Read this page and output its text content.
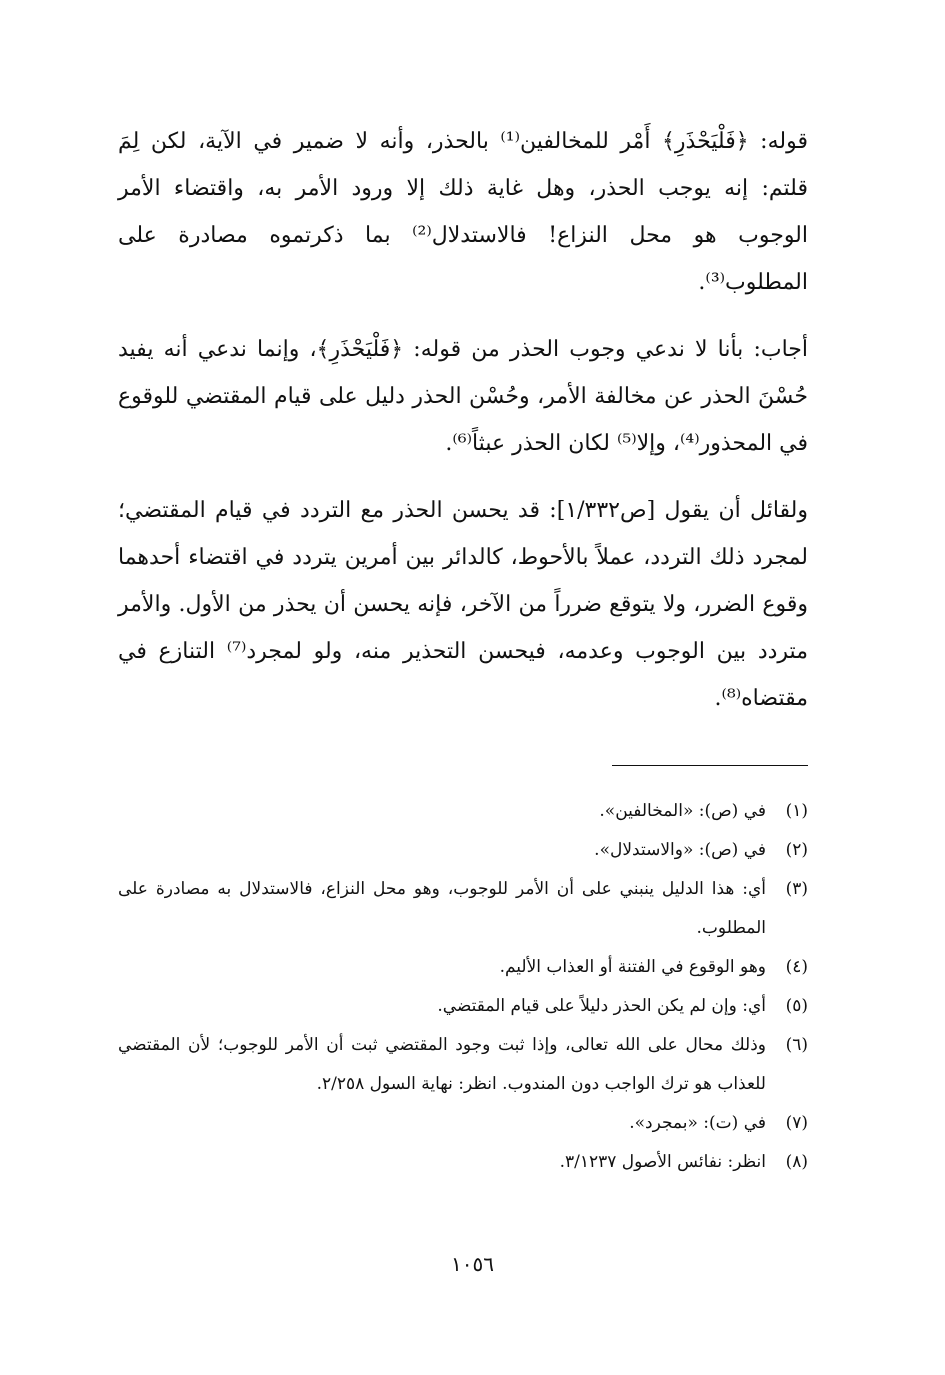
قوله: ﴿فَلْيَحْذَرِ﴾ أَمْر للمخالفين⁽¹⁾ بالحذر، وأنه لا ضمير في الآية، لكن لِمَ قلتم: إنه يوجب الحذر، وهل غاية ذلك إلا ورود الأمر به، واقتضاء الأمر الوجوب هو محل النزاع! فالاستدلال⁽²⁾ بما ذكرتموه مصادرة على المطلوب⁽³⁾.

أجاب: بأنا لا ندعي وجوب الحذر من قوله: ﴿فَلْيَحْذَرِ﴾، وإنما ندعي أنه يفيد حُسْنَ الحذر عن مخالفة الأمر، وحُسْن الحذر دليل على قيام المقتضي للوقوع في المحذور⁽⁴⁾، وإلا⁽⁵⁾ لكان الحذر عبثاً⁽⁶⁾.

ولقائل أن يقول [ص١/٣٣٢]: قد يحسن الحذر مع التردد في قيام المقتضي؛ لمجرد ذلك التردد، عملاً بالأحوط، كالدائر بين أمرين يتردد في اقتضاء أحدهما وقوع الضرر، ولا يتوقع ضرراً من الآخر، فإنه يحسن أن يحذر من الأول. والأمر متردد بين الوجوب وعدمه، فيحسن التحذير منه، ولو لمجرد⁽⁷⁾ التنازع في مقتضاه⁽⁸⁾.

(١)
في (ص): «المخالفين».
(٢)
في (ص): «والاستدلال».
(٣)
أي: هذا الدليل ينبني على أن الأمر للوجوب، وهو محل النزاع، فالاستدلال به مصادرة على المطلوب.
(٤)
وهو الوقوع في الفتنة أو العذاب الأليم.
(٥)
أي: وإن لم يكن الحذر دليلاً على قيام المقتضي.
(٦)
وذلك محال على الله تعالى، وإذا ثبت وجود المقتضي ثبت أن الأمر للوجوب؛ لأن المقتضي للعذاب هو ترك الواجب دون المندوب. انظر: نهاية السول ٢/٢٥٨.
(٧)
في (ت): «بمجرد».
(٨)
انظر: نفائس الأصول ٣/١٢٣٧.
١٠٥٦
